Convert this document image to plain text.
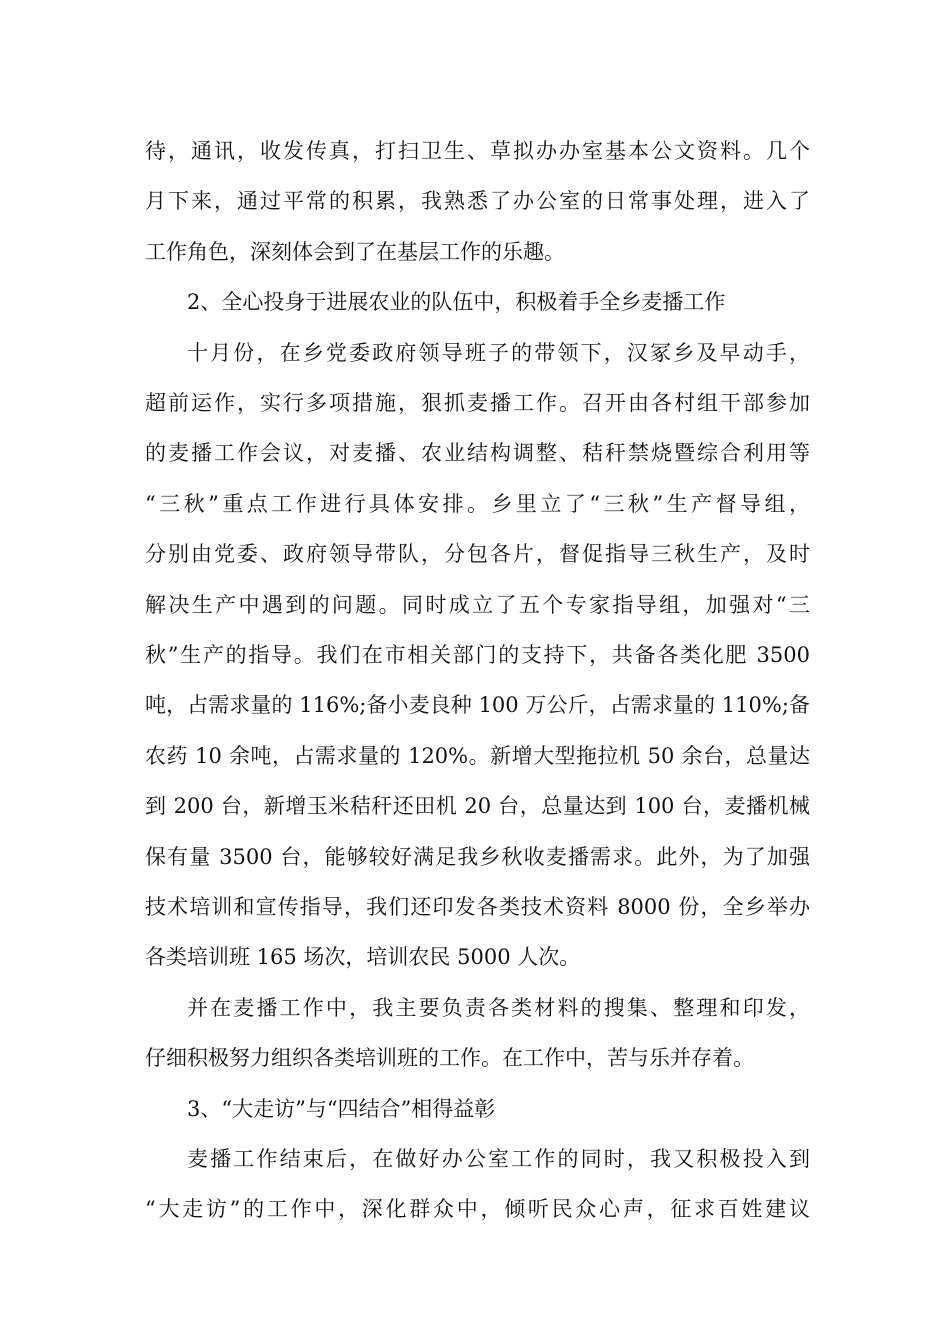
待，通讯，收发传真，打扫卫生、草拟办办室基本公文资料。几个
月下来，通过平常的积累，我熟悉了办公室的日常事处理，进入了
工作角色，深刻体会到了在基层工作的乐趣。
2、全心投身于进展农业的队伍中，积极着手全乡麦播工作
十月份，在乡党委政府领导班子的带领下，汉冢乡及早动手，
超前运作，实行多项措施，狠抓麦播工作。召开由各村组干部参加
的麦播工作会议，对麦播、农业结构调整、秸秆禁烧暨综合利用等
“三秋”重点工作进行具体安排。乡里立了“三秋”生产督导组，
分别由党委、政府领导带队，分包各片，督促指导三秋生产，及时
解决生产中遇到的问题。同时成立了五个专家指导组，加强对“三
秋”生产的指导。我们在市相关部门的支持下，共备各类化肥 3500
吨，占需求量的 116%;备小麦良种 100 万公斤，占需求量的 110%;备
农药 10 余吨，占需求量的 120%。新增大型拖拉机 50 余台，总量达
到 200 台，新增玉米秸秆还田机 20 台，总量达到 100 台，麦播机械
保有量 3500 台，能够较好满足我乡秋收麦播需求。此外，为了加强
技术培训和宣传指导，我们还印发各类技术资料 8000 份，全乡举办
各类培训班 165 场次，培训农民 5000 人次。
并在麦播工作中，我主要负责各类材料的搜集、整理和印发，
仔细积极努力组织各类培训班的工作。在工作中，苦与乐并存着。
3、“大走访”与“四结合”相得益彰
麦播工作结束后，在做好办公室工作的同时，我又积极投入到
“大走访”的工作中，深化群众中，倾听民众心声，征求百姓建议
